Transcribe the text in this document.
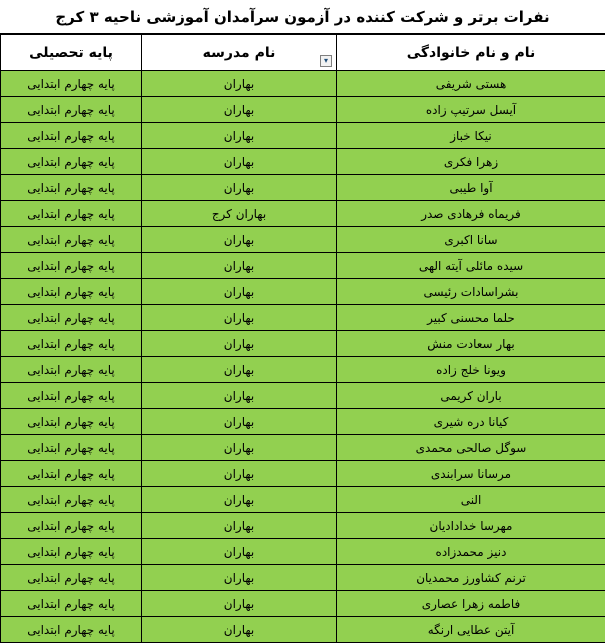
نفرات برتر و شرکت کننده در آزمون سرآمدان آموزشی ناحیه ۳ کرج
پایه تحصیلی	نام مدرسه ▾	نام و نام خانوادگی
پایه چهارم ابتدایی	بهاران	هستی شریفی
پایه چهارم ابتدایی	بهاران	آیسل سرتیپ زاده
پایه چهارم ابتدایی	بهاران	نیکا خباز
پایه چهارم ابتدایی	بهاران	زهرا فکری
پایه چهارم ابتدایی	بهاران	آوا طیبی
پایه چهارم ابتدایی	بهاران کرج	فریماه فرهادی صدر
پایه چهارم ابتدایی	بهاران	سانا اکبری
پایه چهارم ابتدایی	بهاران	سیده مائلی آیته الهی
پایه چهارم ابتدایی	بهاران	بشراسادات رئیسی
پایه چهارم ابتدایی	بهاران	حلما محسنی کبیر
پایه چهارم ابتدایی	بهاران	بهار سعادت منش
پایه چهارم ابتدایی	بهاران	ویونا خلج زاده
پایه چهارم ابتدایی	بهاران	باران کریمی
پایه چهارم ابتدایی	بهاران	کیانا دره شیری
پایه چهارم ابتدایی	بهاران	سوگل صالحی محمدی
پایه چهارم ابتدایی	بهاران	مرسانا سرابندی
پایه چهارم ابتدایی	بهاران	النی
پایه چهارم ابتدایی	بهاران	مهرسا خدادادیان
پایه چهارم ابتدایی	بهاران	دنیز محمدزاده
پایه چهارم ابتدایی	بهاران	ترنم کشاورز محمدیان
پایه چهارم ابتدایی	بهاران	فاطمه زهرا عصاری
پایه چهارم ابتدایی	بهاران	آیتن عطایی ارنگه
